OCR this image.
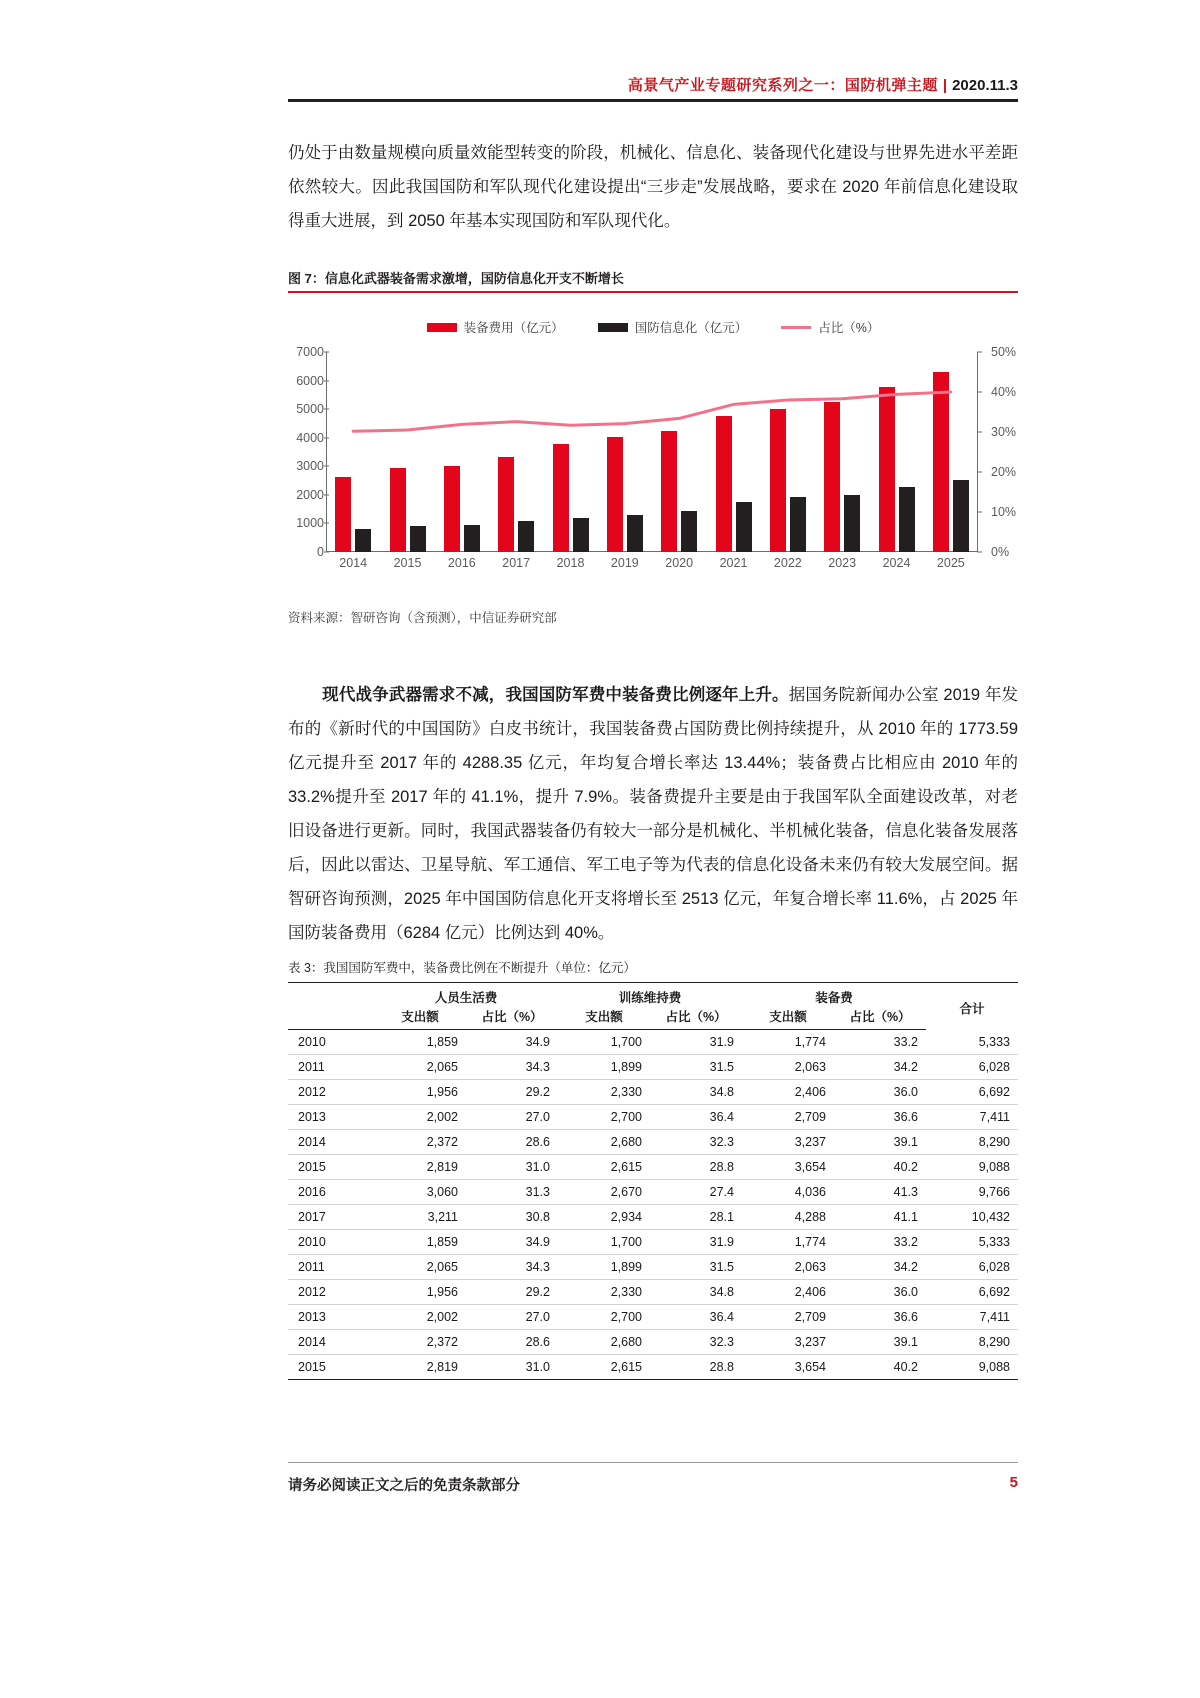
高景气产业专题研究系列之一：国防机弹主题 | 2020.11.3
仍处于由数量规模向质量效能型转变的阶段，机械化、信息化、装备现代化建设与世界先进水平差距依然较大。因此我国国防和军队现代化建设提出“三步走”发展战略，要求在 2020 年前信息化建设取得重大进展，到 2050 年基本实现国防和军队现代化。
图 7：信息化武器装备需求激增，国防信息化开支不断增长
装备费用（亿元）	国防信息化（亿元）	占比（%）
0
1000
2000
3000
4000
5000
6000
7000
0%
10%
20%
30%
40%
50%
2014 2015 2016 2017 2018 2019 2020 2021 2022 2023 2024 2025
资料来源：智研咨询（含预测），中信证券研究部
现代战争武器需求不减，我国国防军费中装备费比例逐年上升。据国务院新闻办公室 2019 年发布的《新时代的中国国防》白皮书统计，我国装备费占国防费比例持续提升，从 2010 年的 1773.59 亿元提升至 2017 年的 4288.35 亿元，年均复合增长率达 13.44%；装备费占比相应由 2010 年的 33.2%提升至 2017 年的 41.1%，提升 7.9%。装备费提升主要是由于我国军队全面建设改革，对老旧设备进行更新。同时，我国武器装备仍有较大一部分是机械化、半机械化装备，信息化装备发展落后，因此以雷达、卫星导航、军工通信、军工电子等为代表的信息化设备未来仍有较大发展空间。据智研咨询预测，2025 年中国国防信息化开支将增长至 2513 亿元，年复合增长率 11.6%，占 2025 年国防装备费用（6284 亿元）比例达到 40%。
表 3：我国国防军费中，装备费比例在不断提升（单位：亿元）
	人员生活费		训练维持费		装备费		合计
	支出额	占比（%）	支出额	占比（%）	支出额	占比（%）	
2010	1,859	34.9	1,700	31.9	1,774	33.2	5,333
2011	2,065	34.3	1,899	31.5	2,063	34.2	6,028
2012	1,956	29.2	2,330	34.8	2,406	36.0	6,692
2013	2,002	27.0	2,700	36.4	2,709	36.6	7,411
2014	2,372	28.6	2,680	32.3	3,237	39.1	8,290
2015	2,819	31.0	2,615	28.8	3,654	40.2	9,088
2016	3,060	31.3	2,670	27.4	4,036	41.3	9,766
2017	3,211	30.8	2,934	28.1	4,288	41.1	10,432
2010	1,859	34.9	1,700	31.9	1,774	33.2	5,333
2011	2,065	34.3	1,899	31.5	2,063	34.2	6,028
2012	1,956	29.2	2,330	34.8	2,406	36.0	6,692
2013	2,002	27.0	2,700	36.4	2,709	36.6	7,411
2014	2,372	28.6	2,680	32.3	3,237	39.1	8,290
2015	2,819	31.0	2,615	28.8	3,654	40.2	9,088
请务必阅读正文之后的免责条款部分	5
